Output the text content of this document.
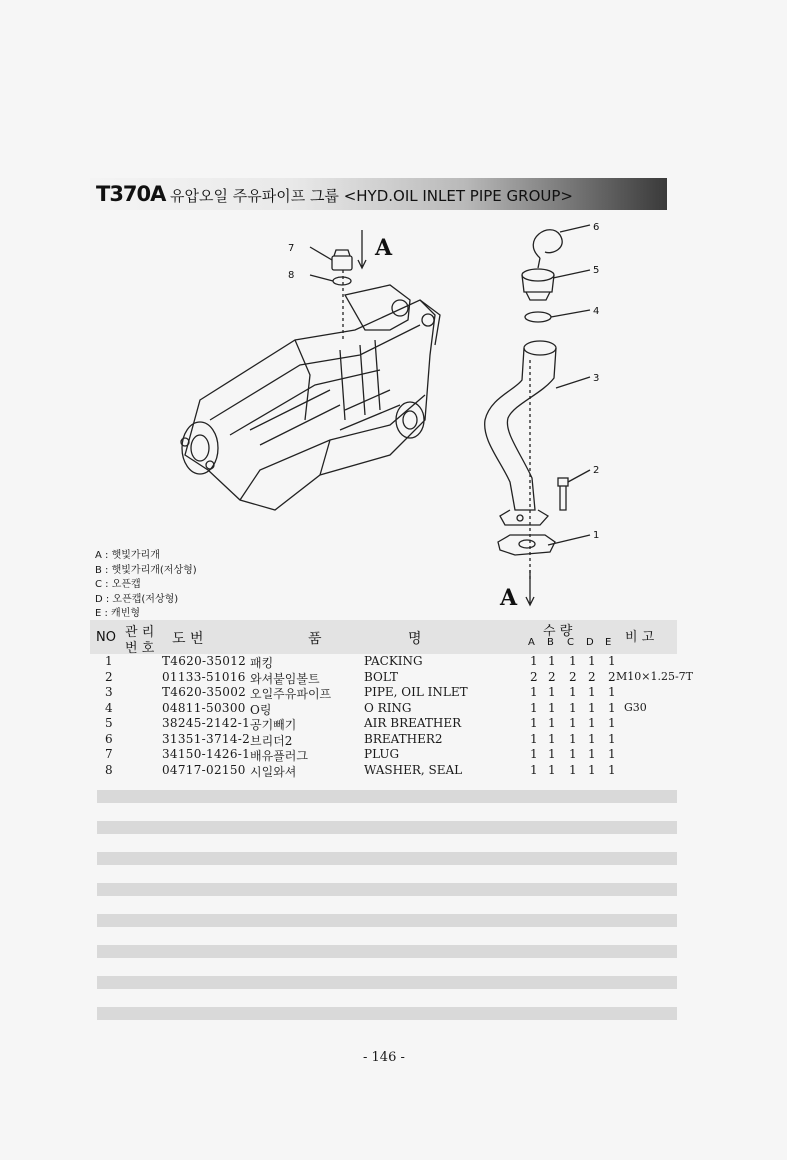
T370A 유압오일 주유파이프 그룹 <HYD.OIL INLET PIPE GROUP>
7
8
6
5
4
3
2
1
A
A
A : 햇빛가리개
B : 햇빛가리개(저상형)
C : 오픈캡
D : 오픈캡(저상형)
E : 캐빈형
NO 관 리
번 호
도 번	품	명	수 량
A B C D E 비 고
1	T4620-35012 패킹	PACKING	1 1 1 1 1
2	01133-51016 와셔붙임볼트	BOLT	2 2 2 2 2 M10×1.25-7T
3	T4620-35002 오일주유파이프	PIPE, OIL INLET	1 1 1 1 1
4	04811-50300 O링	O RING	1 1 1 1 1 G30
5	38245-2142-1 공기빼기	AIR BREATHER	1 1 1 1 1
6	31351-3714-2 브리더2	BREATHER2	1 1 1 1 1
7	34150-1426-1 배유플러그	PLUG	1 1 1 1 1
8	04717-02150 시일와셔	WASHER, SEAL	1 1 1 1 1
- 146 -
